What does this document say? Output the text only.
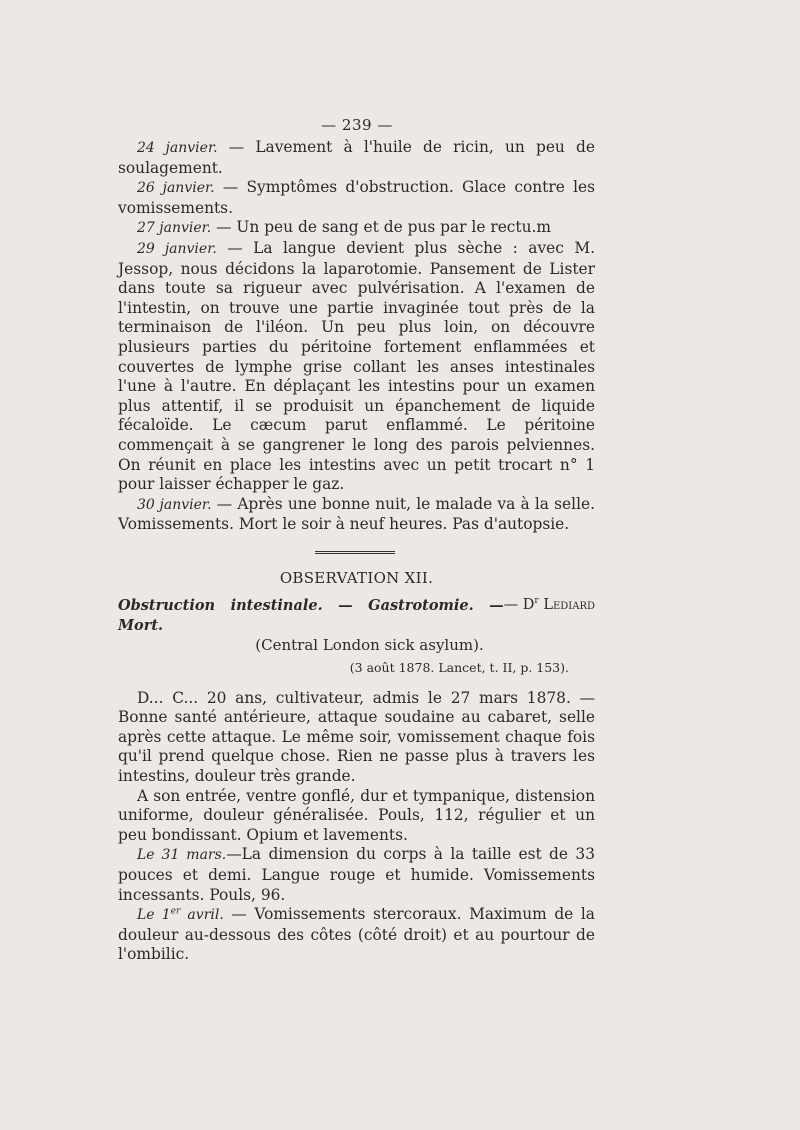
— 239 —

24 janvier. — Lavement à l'huile de ricin, un peu de soulagement.

26 janvier. — Symptômes d'obstruction. Glace contre les vomissements.

27 janvier. — Un peu de sang et de pus par le rectu.m

29 janvier. — La langue devient plus sèche : avec M. Jessop, nous décidons la laparotomie. Pansement de Lister dans toute sa rigueur avec pulvérisation. A l'examen de l'intestin, on trouve une partie invaginée tout près de la terminaison de l'iléon. Un peu plus loin, on découvre plusieurs parties du péritoine fortement enflammées et couvertes de lymphe grise collant les anses intestinales l'une à l'autre. En déplaçant les intestins pour un examen plus attentif, il se produisit un épanchement de liquide fécaloïde. Le cæcum parut enflammé. Le péritoine commençait à se gangrener le long des parois pelviennes. On réunit en place les intestins avec un petit trocart n° 1 pour laisser échapper le gaz.

30 janvier. — Après une bonne nuit, le malade va à la selle. Vomissements. Mort le soir à neuf heures. Pas d'autopsie.

OBSERVATION XII.
— $D^r$ Lediard
Obstruction intestinale. — Gastrotomie. — Mort.
(Central London sick asylum).
(3 août 1878. Lancet, t. II, p. 153).

D... C... 20 ans, cultivateur, admis le 27 mars 1878. — Bonne santé antérieure, attaque soudaine au cabaret, selle après cette attaque. Le même soir, vomissement chaque fois qu'il prend quelque chose. Rien ne passe plus à travers les intestins, douleur très grande.

A son entrée, ventre gonflé, dur et tympanique, distension uniforme, douleur généralisée. Pouls, 112, régulier et un peu bondissant. Opium et lavements.

Le 31 mars.—La dimension du corps à la taille est de 33 pouces et demi. Langue rouge et humide. Vomissements incessants. Pouls, 96.

Le 1er avril. — Vomissements stercoraux. Maximum de la douleur au-dessous des côtes (côté droit) et au pourtour de l'ombilic.
